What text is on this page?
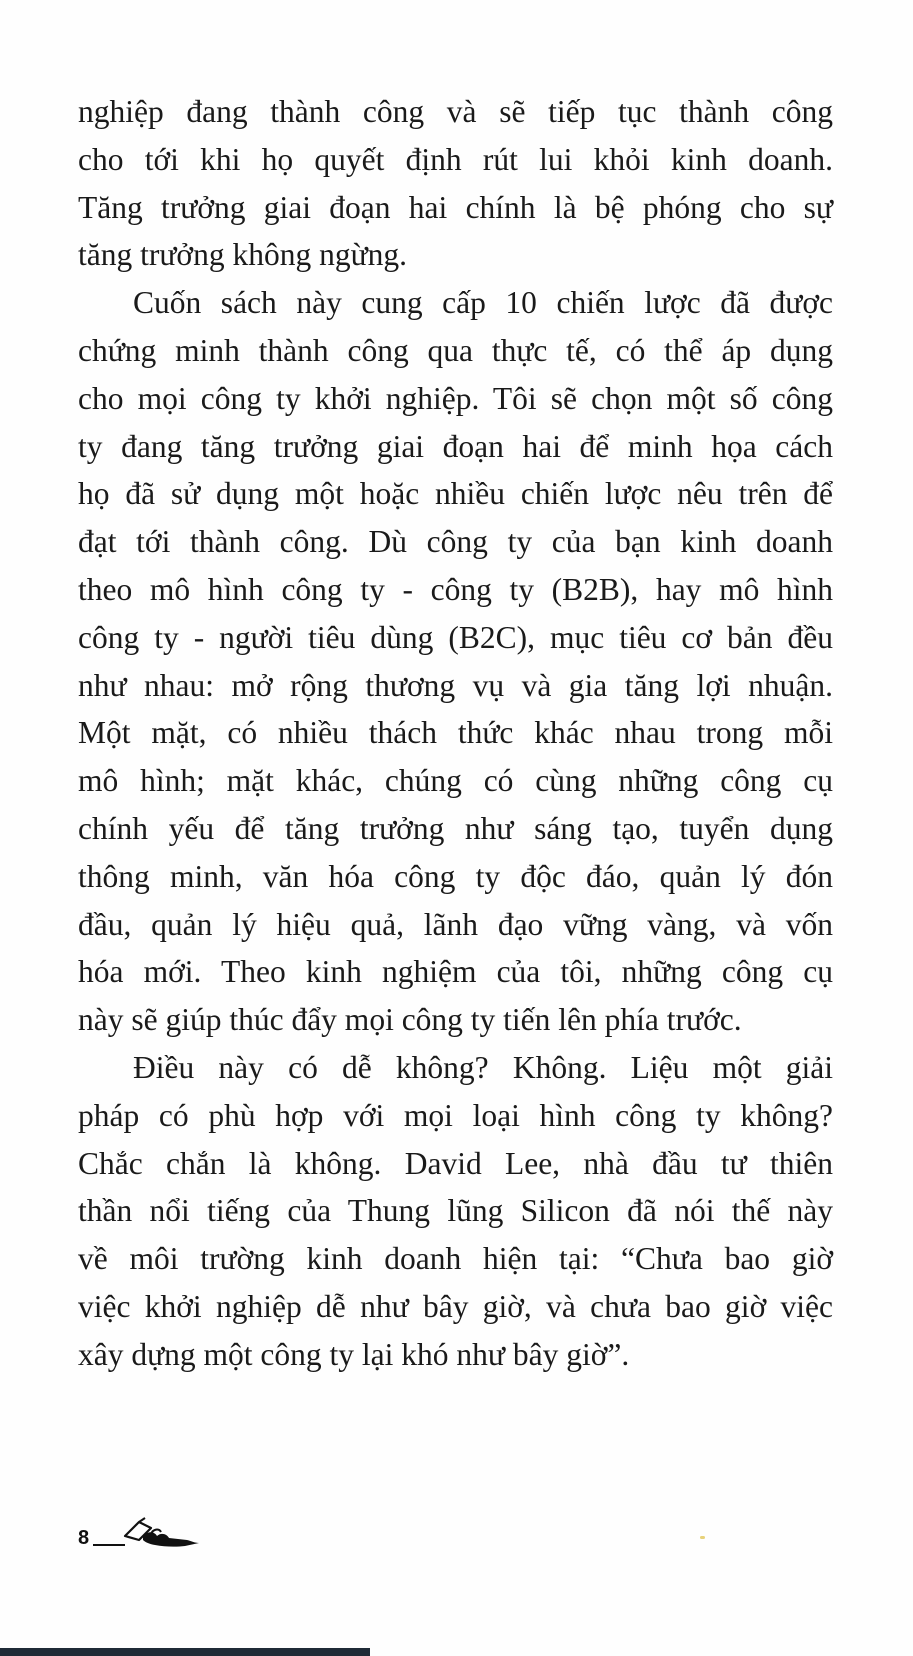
nghiệp đang thành công và sẽ tiếp tục thành công
cho tới khi họ quyết định rút lui khỏi kinh doanh.
Tăng trưởng giai đoạn hai chính là bệ phóng cho sự
tăng trưởng không ngừng.
Cuốn sách này cung cấp 10 chiến lược đã được
chứng minh thành công qua thực tế, có thể áp dụng
cho mọi công ty khởi nghiệp. Tôi sẽ chọn một số công
ty đang tăng trưởng giai đoạn hai để minh họa cách
họ đã sử dụng một hoặc nhiều chiến lược nêu trên để
đạt tới thành công. Dù công ty của bạn kinh doanh
theo mô hình công ty - công ty (B2B), hay mô hình
công ty - người tiêu dùng (B2C), mục tiêu cơ bản đều
như nhau: mở rộng thương vụ và gia tăng lợi nhuận.
Một mặt, có nhiều thách thức khác nhau trong mỗi
mô hình; mặt khác, chúng có cùng những công cụ
chính yếu để tăng trưởng như sáng tạo, tuyển dụng
thông minh, văn hóa công ty độc đáo, quản lý đón
đầu, quản lý hiệu quả, lãnh đạo vững vàng, và vốn
hóa mới. Theo kinh nghiệm của tôi, những công cụ
này sẽ giúp thúc đẩy mọi công ty tiến lên phía trước.
Điều này có dễ không? Không. Liệu một giải
pháp có phù hợp với mọi loại hình công ty không?
Chắc chắn là không. David Lee, nhà đầu tư thiên
thần nổi tiếng của Thung lũng Silicon đã nói thế này
về môi trường kinh doanh hiện tại: “Chưa bao giờ
việc khởi nghiệp dễ như bây giờ, và chưa bao giờ việc
xây dựng một công ty lại khó như bây giờ”.
8
